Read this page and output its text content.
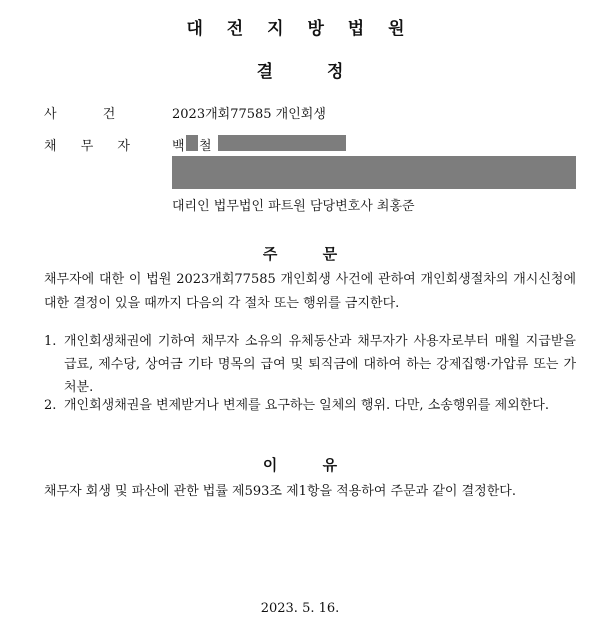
대 전 지 방 법 원
결 정
사 건	2023개회77585 개인회생
채 무 자	백 철
대리인 법무법인 파트원 담당변호사 최홍준
주 문
채무자에 대한 이 법원 2023개회77585 개인회생 사건에 관하여 개인회생절차의 개시신청에 대한 결정이 있을 때까지 다음의 각 절차 또는 행위를 금지한다.
1. 개인회생채권에 기하여 채무자 소유의 유체동산과 채무자가 사용자로부터 매월 지급받을 급료, 제수당, 상여금 기타 명목의 급여 및 퇴직금에 대하여 하는 강제집행·가압류 또는 가처분.
2. 개인회생채권을 변제받거나 변제를 요구하는 일체의 행위. 다만, 소송행위를 제외한다.
이 유
채무자 회생 및 파산에 관한 법률 제593조 제1항을 적용하여 주문과 같이 결정한다.
2023. 5. 16.
